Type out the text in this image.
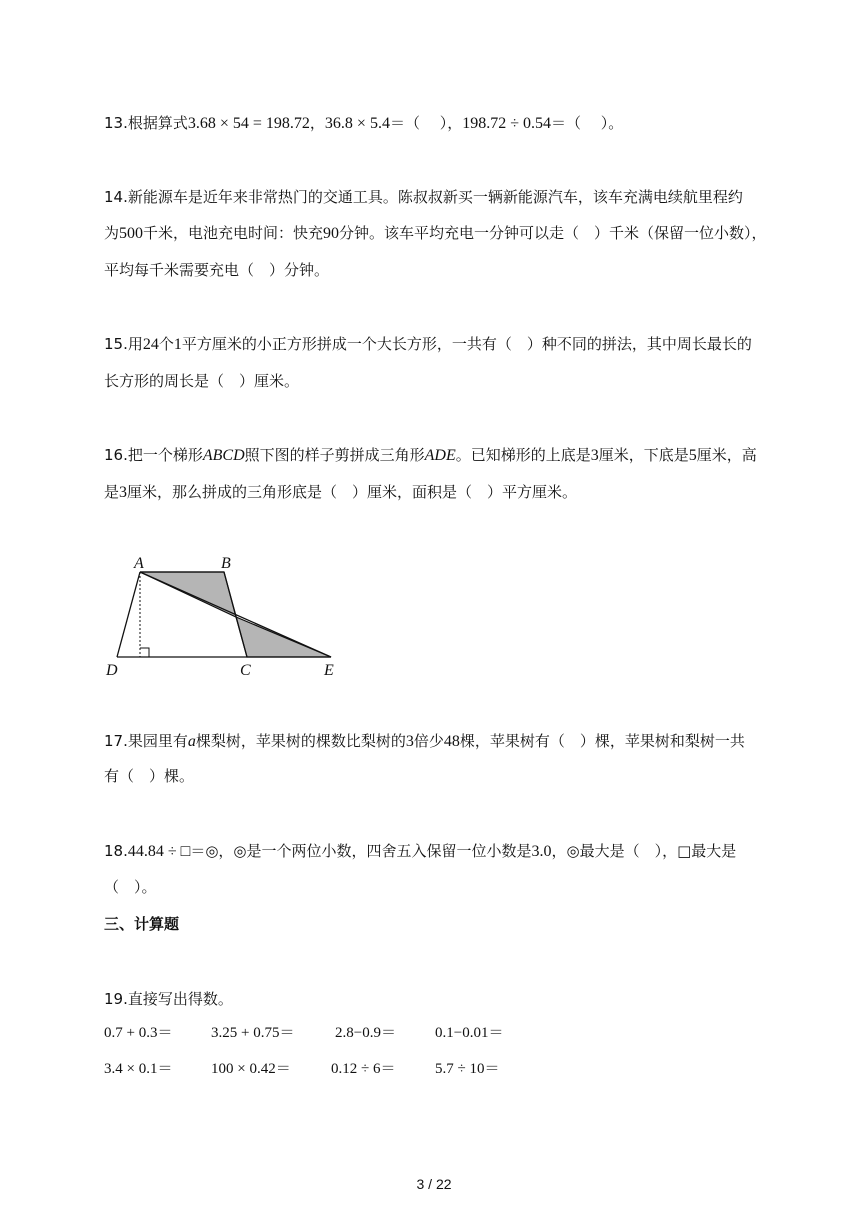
13.根据算式3.68 × 54 = 198.72，36.8 × 5.4＝（　 ），198.72 ÷ 0.54＝（　 ）。
14.新能源车是近年来非常热门的交通工具。陈叔叔新买一辆新能源汽车，该车充满电续航里程约
为500千米，电池充电时间：快充90分钟。该车平均充电一分钟可以走（　）千米（保留一位小数），
平均每千米需要充电（　）分钟。
15.用24个1平方厘米的小正方形拼成一个大长方形，一共有（　）种不同的拼法，其中周长最长的
长方形的周长是（　）厘米。
16.把一个梯形ABCD照下图的样子剪拼成三角形ADE。已知梯形的上底是3厘米，下底是5厘米，高
是3厘米，那么拼成的三角形底是（　）厘米，面积是（　）平方厘米。
A	B
D	C	E
17.果园里有a棵梨树，苹果树的棵数比梨树的3倍少48棵，苹果树有（　）棵，苹果树和梨树一共
有（　）棵。
18.44.84 ÷ □＝◎，◎是一个两位小数，四舍五入保留一位小数是3.0，◎最大是（　），□最大是
（　）。
三、计算题
19.直接写出得数。
0.7 + 0.3＝	3.25 + 0.75＝	2.8−0.9＝	0.1−0.01＝
3.4 × 0.1＝	100 × 0.42＝	0.12 ÷ 6＝	5.7 ÷ 10＝
3 / 22
